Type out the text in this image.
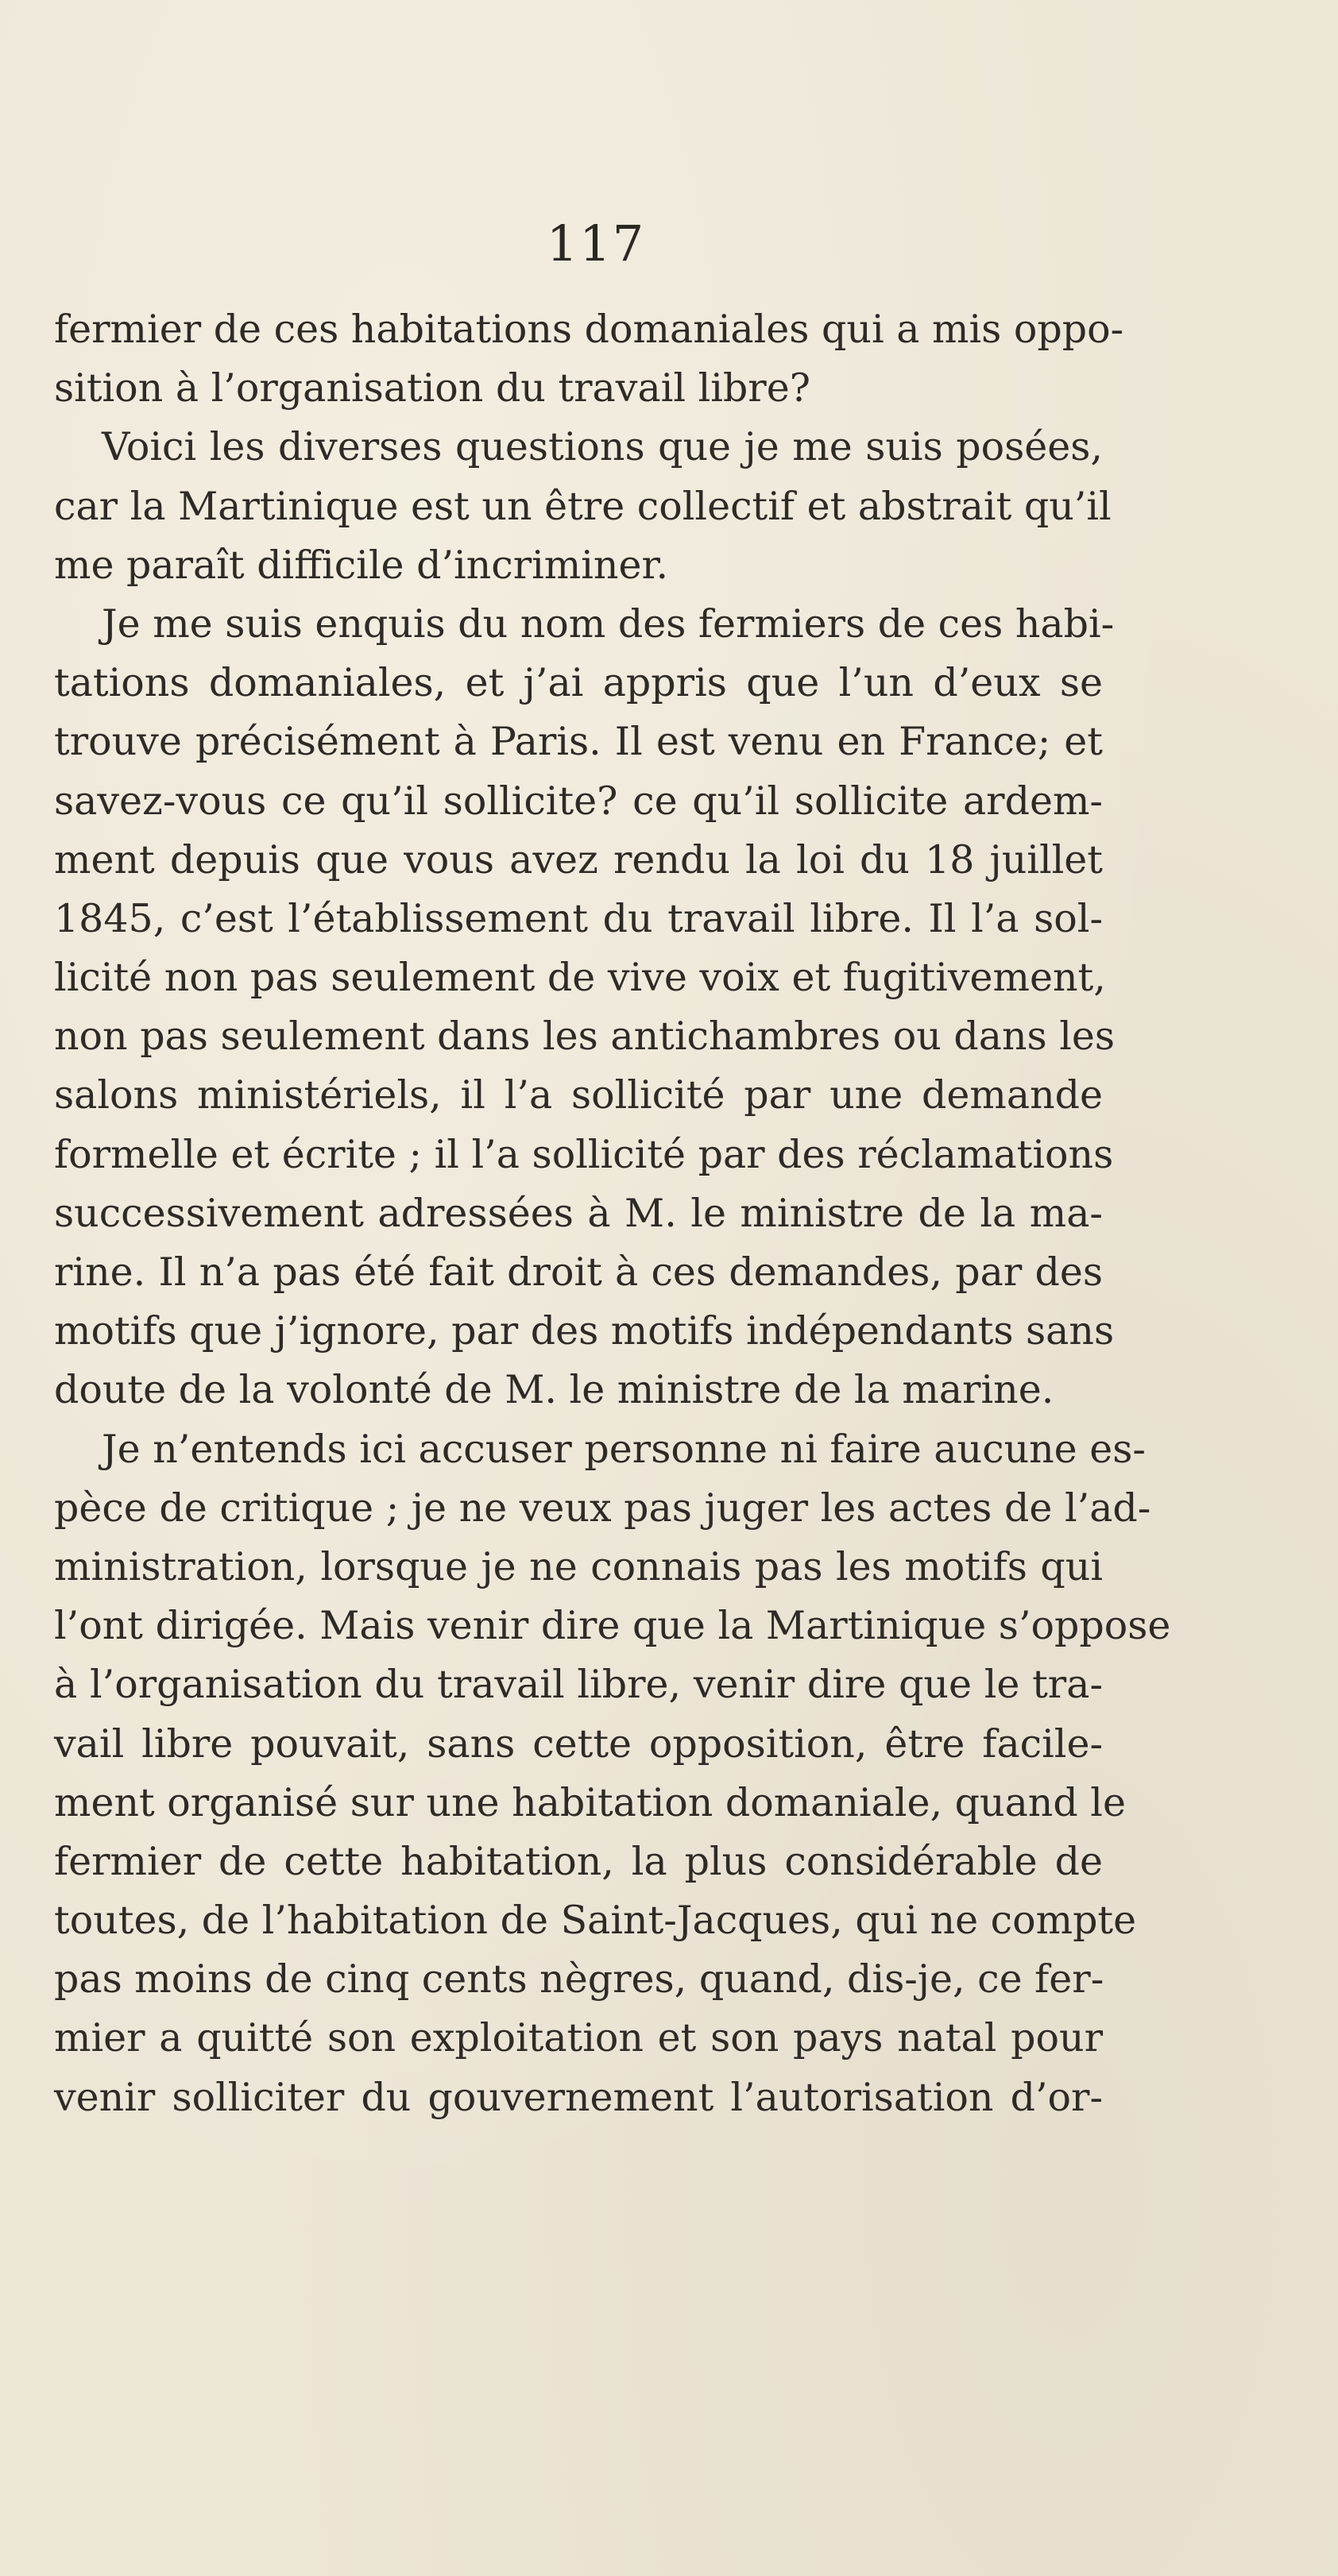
117
fermier de ces habitations domaniales qui a mis oppo-
sition à l’organisation du travail libre?
Voici les diverses questions que je me suis posées,
car la Martinique est un être collectif et abstrait qu’il
me paraît difficile d’incriminer.
Je me suis enquis du nom des fermiers de ces habi-
tations domaniales, et j’ai appris que l’un d’eux se
trouve précisément à Paris. Il est venu en France; et
savez-vous ce qu’il sollicite? ce qu’il sollicite ardem-
ment depuis que vous avez rendu la loi du 18 juillet
1845, c’est l’établissement du travail libre. Il l’a sol-
licité non pas seulement de vive voix et fugitivement,
non pas seulement dans les antichambres ou dans les
salons ministériels, il l’a sollicité par une demande
formelle et écrite ; il l’a sollicité par des réclamations
successivement adressées à M. le ministre de la ma-
rine. Il n’a pas été fait droit à ces demandes, par des
motifs que j’ignore, par des motifs indépendants sans
doute de la volonté de M. le ministre de la marine.
Je n’entends ici accuser personne ni faire aucune es-
pèce de critique ; je ne veux pas juger les actes de l’ad-
ministration, lorsque je ne connais pas les motifs qui
l’ont dirigée. Mais venir dire que la Martinique s’oppose
à l’organisation du travail libre, venir dire que le tra-
vail libre pouvait, sans cette opposition, être facile-
ment organisé sur une habitation domaniale, quand le
fermier de cette habitation, la plus considérable de
toutes, de l’habitation de Saint-Jacques, qui ne compte
pas moins de cinq cents nègres, quand, dis-je, ce fer-
mier a quitté son exploitation et son pays natal pour
venir solliciter du gouvernement l’autorisation d’or-
